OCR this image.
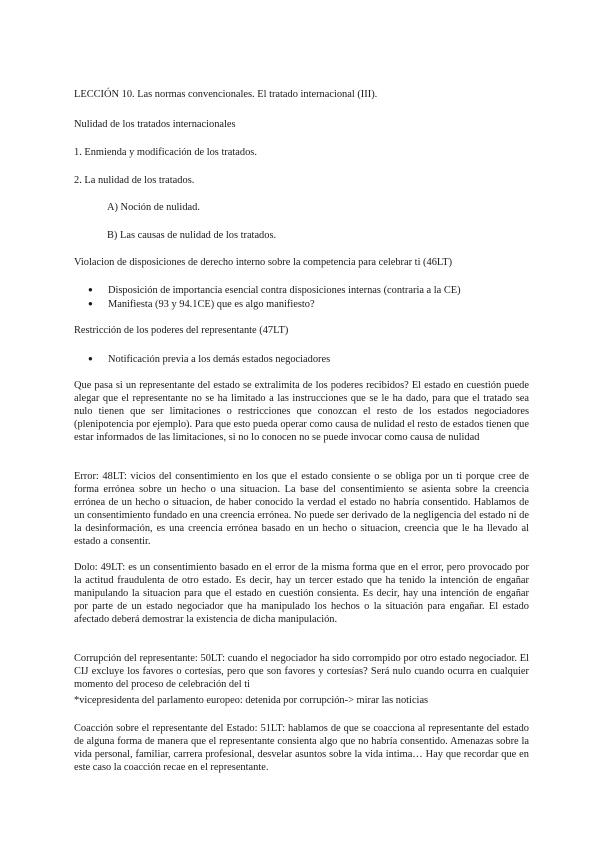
LECCIÓN 10. Las normas convencionales. El tratado internacional (III).
Nulidad de los tratados internacionales
1. Enmienda y modificación de los tratados.
2. La nulidad de los tratados.
A) Noción de nulidad.
B) Las causas de nulidad de los tratados.
Violacion de disposiciones de derecho interno sobre la competencia para celebrar ti (46LT)
● Disposición de importancia esencial contra disposiciones internas (contraria a la CE)
● Manifiesta (93 y 94.1CE) que es algo manifiesto?
Restricción de los poderes del representante (47LT)
● Notificación previa a los demás estados negociadores
Que pasa si un representante del estado se extralimita de los poderes recibidos? El estado en cuestión puede alegar que el representante no se ha limitado a las instrucciones que se le ha dado, para que el tratado sea nulo tienen que ser limitaciones o restricciones que conozcan el resto de los estados negociadores (plenipotencia por ejemplo). Para que esto pueda operar como causa de nulidad el resto de estados tienen que estar informados de las limitaciones, si no lo conocen no se puede invocar como causa de nulidad
Error: 48LT: vicios del consentimiento en los que el estado consiente o se obliga por un ti porque cree de forma errónea sobre un hecho o una situacion. La base del consentimiento se asienta sobre la creencia errónea de un hecho o situacion, de haber conocido la verdad el estado no habría consentido. Hablamos de un consentimiento fundado en una creencia errónea. No puede ser derivado de la negligencia del estado ni de la desinformación, es una creencia errónea basado en un hecho o situacion, creencia que le ha llevado al estado a consentir.
Dolo: 49LT: es un consentimiento basado en el error de la misma forma que en el error, pero provocado por la actitud fraudulenta de otro estado. Es decir, hay un tercer estado que ha tenido la intención de engañar manipulando la situacion para que el estado en cuestión consienta. Es decir, hay una intención de engañar por parte de un estado negociador que ha manipulado los hechos o la situación para engañar. El estado afectado deberá demostrar la existencia de dicha manipulación.
Corrupción del representante: 50LT: cuando el negociador ha sido corrompido por otro estado negociador. El CIJ excluye los favores o cortesías, pero que son favores y cortesías? Será nulo cuando ocurra en cualquier momento del proceso de celebración del ti
*vicepresidenta del parlamento europeo: detenida por corrupción-> mirar las noticias
Coacción sobre el representante del Estado: 51LT: hablamos de que se coacciona al representante del estado de alguna forma de manera que el representante consienta algo que no habría consentido. Amenazas sobre la vida personal, familiar, carrera profesional, desvelar asuntos sobre la vida intima… Hay que recordar que en este caso la coacción recae en el representante.
